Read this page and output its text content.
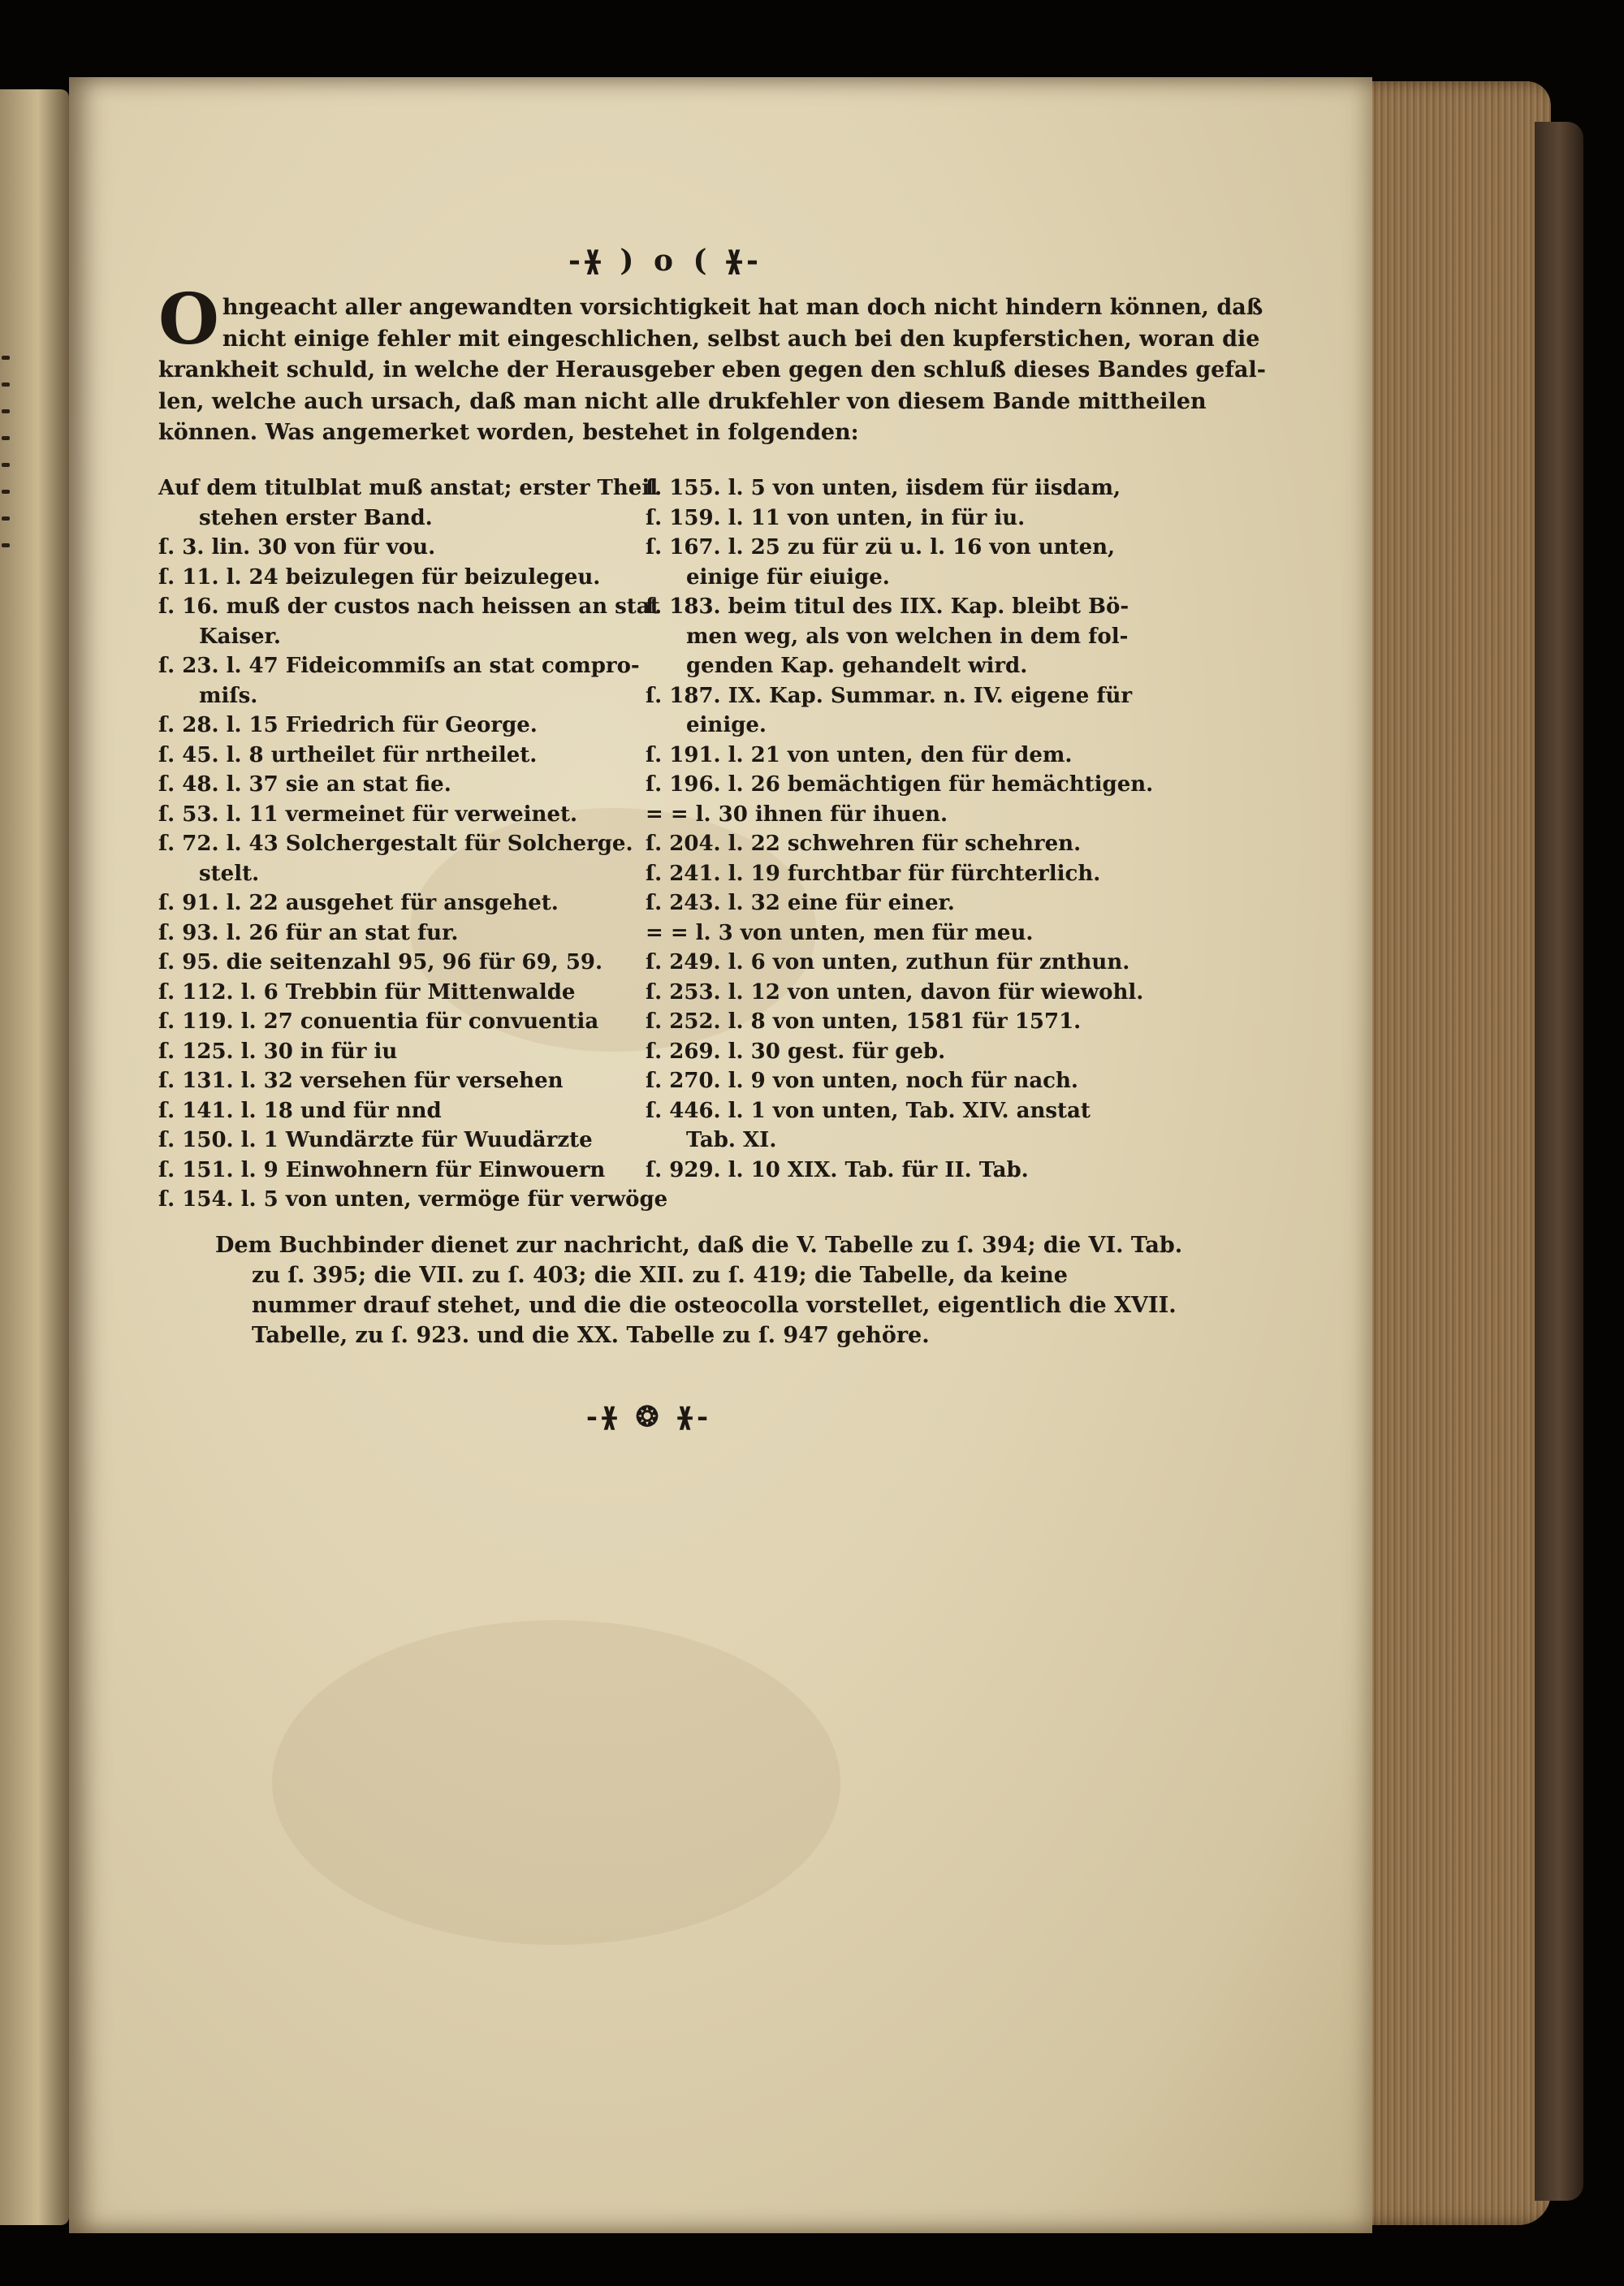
-ᚕ ) o ( ᚕ-
O hngeacht aller angewandten vorsichtigkeit hat man doch nicht hindern können, daß
nicht einige fehler mit eingeschlichen, selbst auch bei den kupferstichen, woran die
krankheit schuld, in welche der Herausgeber eben gegen den schluß dieses Bandes gefal-
len, welche auch ursach, daß man nicht alle drukfehler von diesem Bande mittheilen
können. Was angemerket worden, bestehet in folgenden:
Auf dem titulblat muß anstat; erster Theil
stehen erster Band.
ſ. 3. lin. 30 von für vou.
ſ. 11. l. 24 beizulegen für beizulegeu.
ſ. 16. muß der custos nach heissen an stat
Kaiser.
ſ. 23. l. 47 Fideicommiſs an stat compro-
miſs.
ſ. 28. l. 15 Friedrich für George.
ſ. 45. l. 8 urtheilet für nrtheilet.
ſ. 48. l. 37 sie an stat fie.
ſ. 53. l. 11 vermeinet für verweinet.
ſ. 72. l. 43 Solchergestalt für Solcherge.
stelt.
ſ. 91. l. 22 ausgehet für ansgehet.
ſ. 93. l. 26 für an stat fur.
ſ. 95. die seitenzahl 95, 96 für 69, 59.
ſ. 112. l. 6 Trebbin für Mittenwalde
ſ. 119. l. 27 conuentia für convuentia
ſ. 125. l. 30 in für iu
ſ. 131. l. 32 versehen für versehen
ſ. 141. l. 18 und für nnd
ſ. 150. l. 1 Wundärzte für Wuudärzte
ſ. 151. l. 9 Einwohnern für Einwouern
ſ. 154. l. 5 von unten, vermöge für verwöge
ſ. 155. l. 5 von unten, iisdem für iisdam,
ſ. 159. l. 11 von unten, in für iu.
ſ. 167. l. 25 zu für zü u. l. 16 von unten,
einige für eiuige.
ſ. 183. beim titul des IIX. Kap. bleibt Bö-
men weg, als von welchen in dem fol-
genden Kap. gehandelt wird.
ſ. 187. IX. Kap. Summar. n. IV. eigene für
einige.
ſ. 191. l. 21 von unten, den für dem.
ſ. 196. l. 26 bemächtigen für hemächtigen.
= = l. 30 ihnen für ihuen.
ſ. 204. l. 22 schwehren für schehren.
ſ. 241. l. 19 furchtbar für fürchterlich.
ſ. 243. l. 32 eine für einer.
= = l. 3 von unten, men für meu.
ſ. 249. l. 6 von unten, zuthun für znthun.
ſ. 253. l. 12 von unten, davon für wiewohl.
ſ. 252. l. 8 von unten, 1581 für 1571.
ſ. 269. l. 30 gest. für geb.
ſ. 270. l. 9 von unten, noch für nach.
ſ. 446. l. 1 von unten, Tab. XIV. anstat
Tab. XI.
ſ. 929. l. 10 XIX. Tab. für II. Tab.
Dem Buchbinder dienet zur nachricht, daß die V. Tabelle zu ſ. 394; die VI. Tab.
zu ſ. 395; die VII. zu ſ. 403; die XII. zu ſ. 419; die Tabelle, da keine
nummer drauf stehet, und die die osteocolla vorstellet, eigentlich die XVII.
Tabelle, zu ſ. 923. und die XX. Tabelle zu ſ. 947 gehöre.
-ᚕ ❂ ᚕ-
